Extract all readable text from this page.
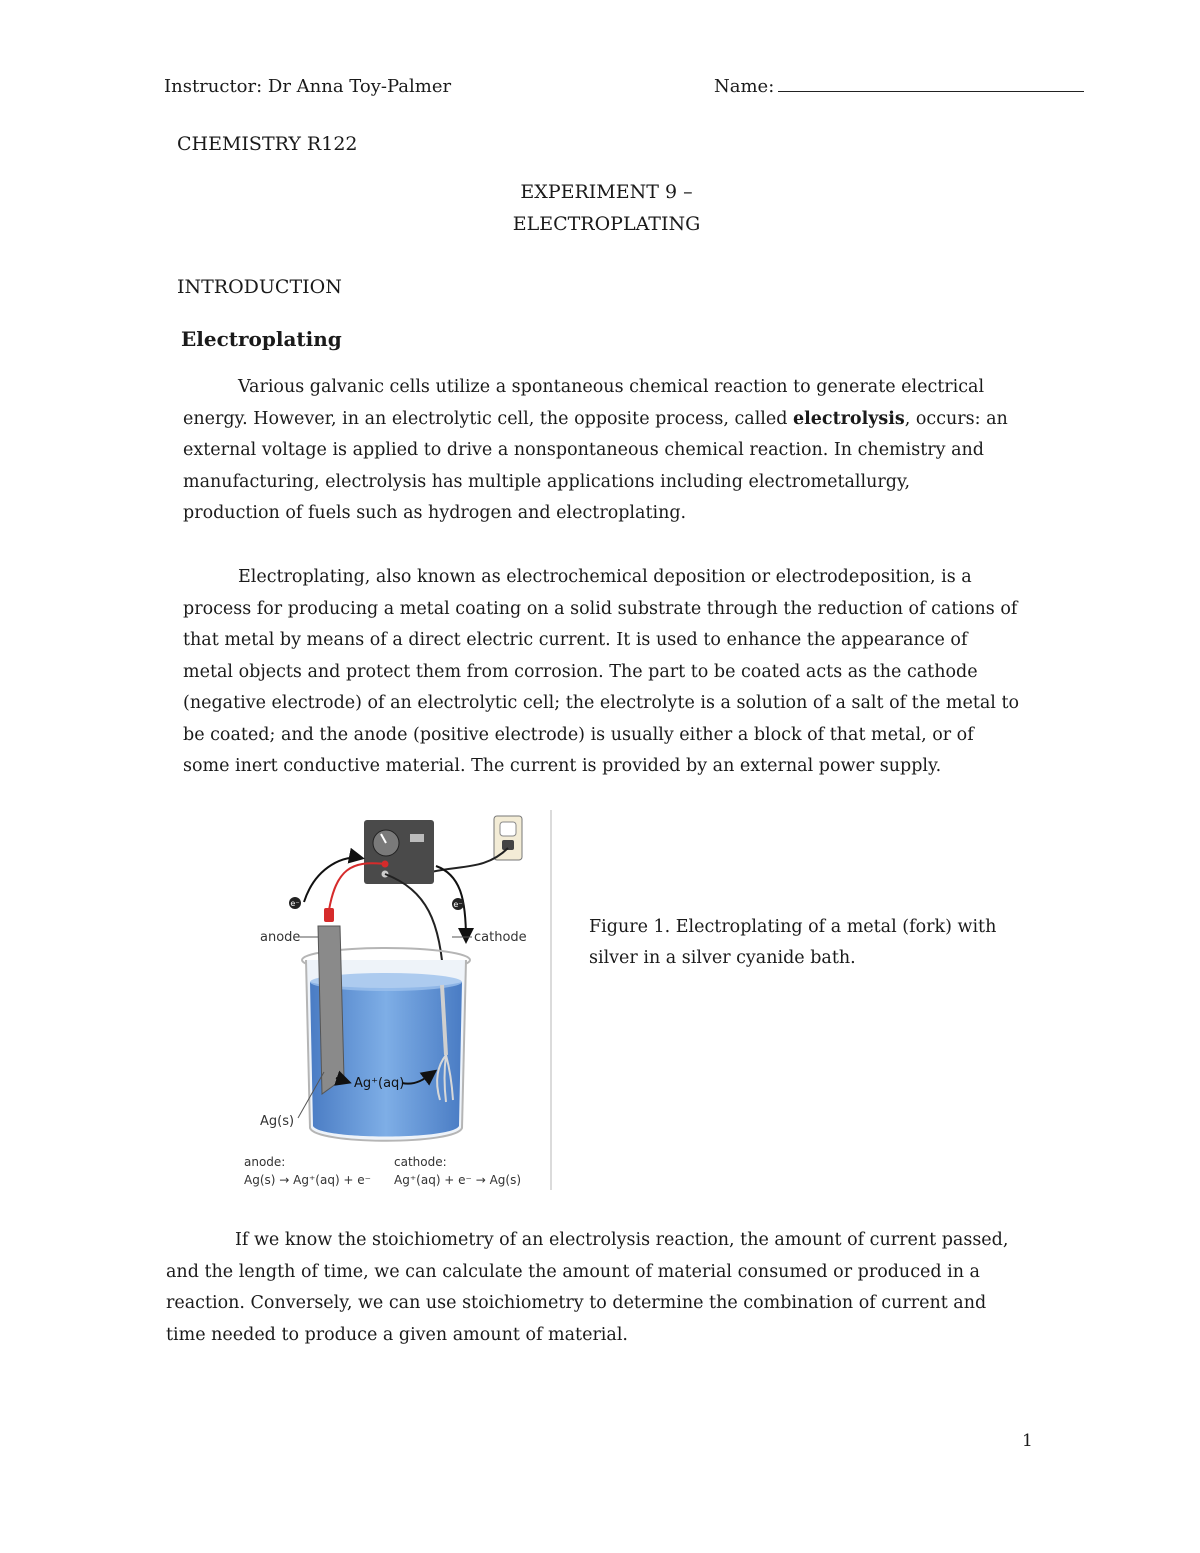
Instructor: Dr Anna Toy-Palmer	Name:
CHEMISTRY R122
EXPERIMENT 9 –
ELECTROPLATING
INTRODUCTION
Electroplating

Various galvanic cells utilize a spontaneous chemical reaction to generate electrical

energy. However, in an electrolytic cell, the opposite process, called electrolysis, occurs: an

external voltage is applied to drive a nonspontaneous chemical reaction. In chemistry and

manufacturing, electrolysis has multiple applications including electrometallurgy,

production of fuels such as hydrogen and electroplating.

Electroplating, also known as electrochemical deposition or electrodeposition, is a

process for producing a metal coating on a solid substrate through the reduction of cations of

that metal by means of a direct electric current. It is used to enhance the appearance of

metal objects and protect them from corrosion. The part to be coated acts as the cathode

(negative electrode) of an electrolytic cell; the electrolyte is a solution of a salt of the metal to

be coated; and the anode (positive electrode) is usually either a block of that metal, or of

some inert conductive material. The current is provided by an external power supply.

e⁻	e⁻
anode	cathode
Ag⁺(aq)
Ag(s)
anode:
Ag(s) → Ag⁺(aq) + e⁻
cathode:
Ag⁺(aq) + e⁻ → Ag(s)
Figure 1. Electroplating of a metal (fork) with
silver in a silver cyanide bath.

If we know the stoichiometry of an electrolysis reaction, the amount of current passed,

and the length of time, we can calculate the amount of material consumed or produced in a

reaction. Conversely, we can use stoichiometry to determine the combination of current and

time needed to produce a given amount of material.

1
